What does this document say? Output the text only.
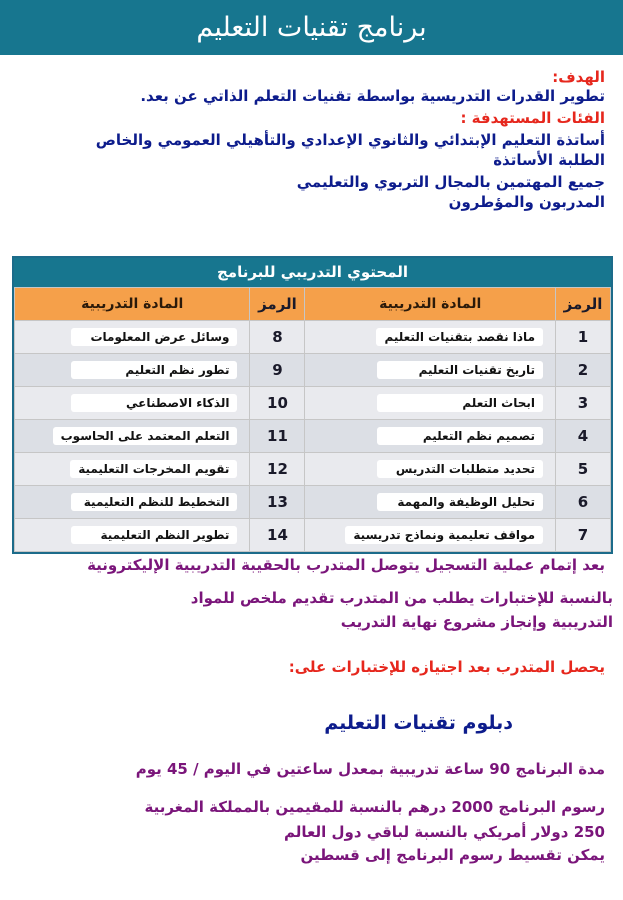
برنامج تقنيات التعليم
الهدف:
تطوير القدرات التدريسية بواسطة تقنيات التعلم الذاتي عن بعد.
الفئات المستهدفة :
أساتذة التعليم الإبتدائي والثانوي الإعدادي والتأهيلي العمومي والخاص
الطلبة الأساتذة
جميع المهتمين بالمجال التربوي والتعليمي
المدربون والمؤطرون
المحتوي التدريبي للبرنامج
الرمز	المادة التدريبية	الرمز	المادة التدريبية
1	ماذا نقصد بتقنيات التعليم	8	وسائل عرض المعلومات
2	تاريخ تقنيات التعليم	9	تطور نظم التعليم
3	ابحاث التعلم	10	الذكاء الاصطناعي
4	تصميم نظم التعليم	11	التعلم المعتمد على الحاسوب
5	تحديد متطلبات التدريس	12	تقويم المخرجات التعليمية
6	تحليل الوظيفة والمهمة	13	التخطيط للنظم التعليمية
7	مواقف تعليمية ونماذج تدريسية	14	تطوير النظم التعليمية
بعد إتمام عملية التسجيل يتوصل المتدرب بالحقيبة التدريبية الإليكترونية
بالنسبة للإختبارات يطلب من المتدرب تقديم ملخص للمواد التدريبية وإنجاز مشروع نهاية التدريب
يحصل المتدرب بعد اجتيازه للإختبارات على:
دبلوم تقنيات التعليم
مدة البرنامج 90 ساعة تدريبية بمعدل ساعتين في اليوم / 45 يوم
رسوم البرنامج 2000 درهم بالنسبة للمقيمين بالمملكة المغربية
250 دولار أمريكي بالنسبة لباقي دول العالم
يمكن تقسيط رسوم البرنامج إلى قسطين
